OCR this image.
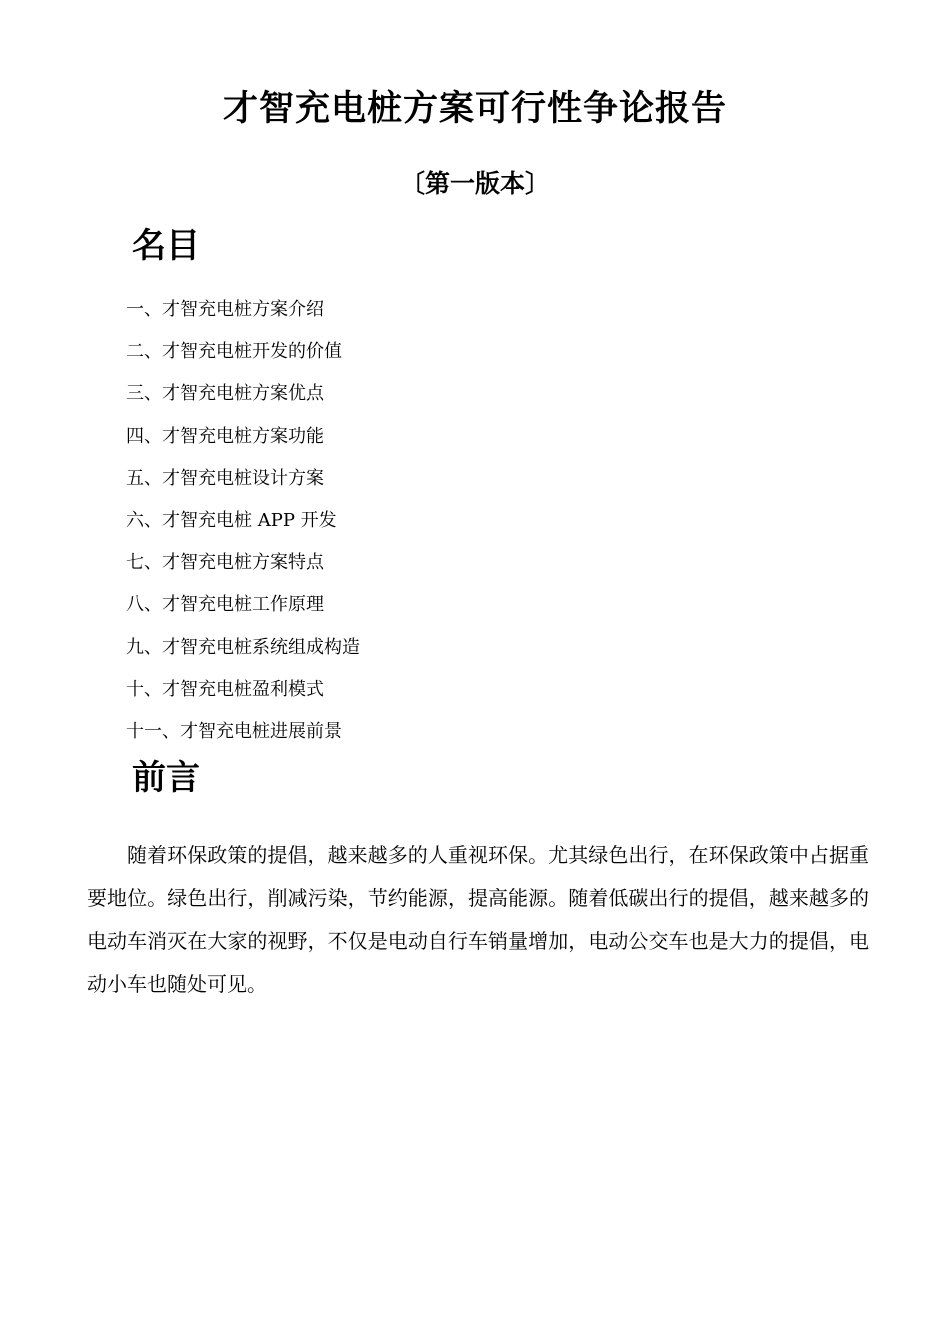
才智充电桩方案可行性争论报告
〔第一版本〕
名目
一、才智充电桩方案介绍
二、才智充电桩开发的价值
三、才智充电桩方案优点
四、才智充电桩方案功能
五、才智充电桩设计方案
六、才智充电桩 APP 开发
七、才智充电桩方案特点
八、才智充电桩工作原理
九、才智充电桩系统组成构造
十、才智充电桩盈利模式
十一、才智充电桩进展前景
前言

随着环保政策的提倡，越来越多的人重视环保。尤其绿色出行，在环保政策中占据重要地位。绿色出行，削减污染，节约能源，提高能源。随着低碳出行的提倡，越来越多的电动车消灭在大家的视野，不仅是电动自行车销量增加，电动公交车也是大力的提倡，电动小车也随处可见。
